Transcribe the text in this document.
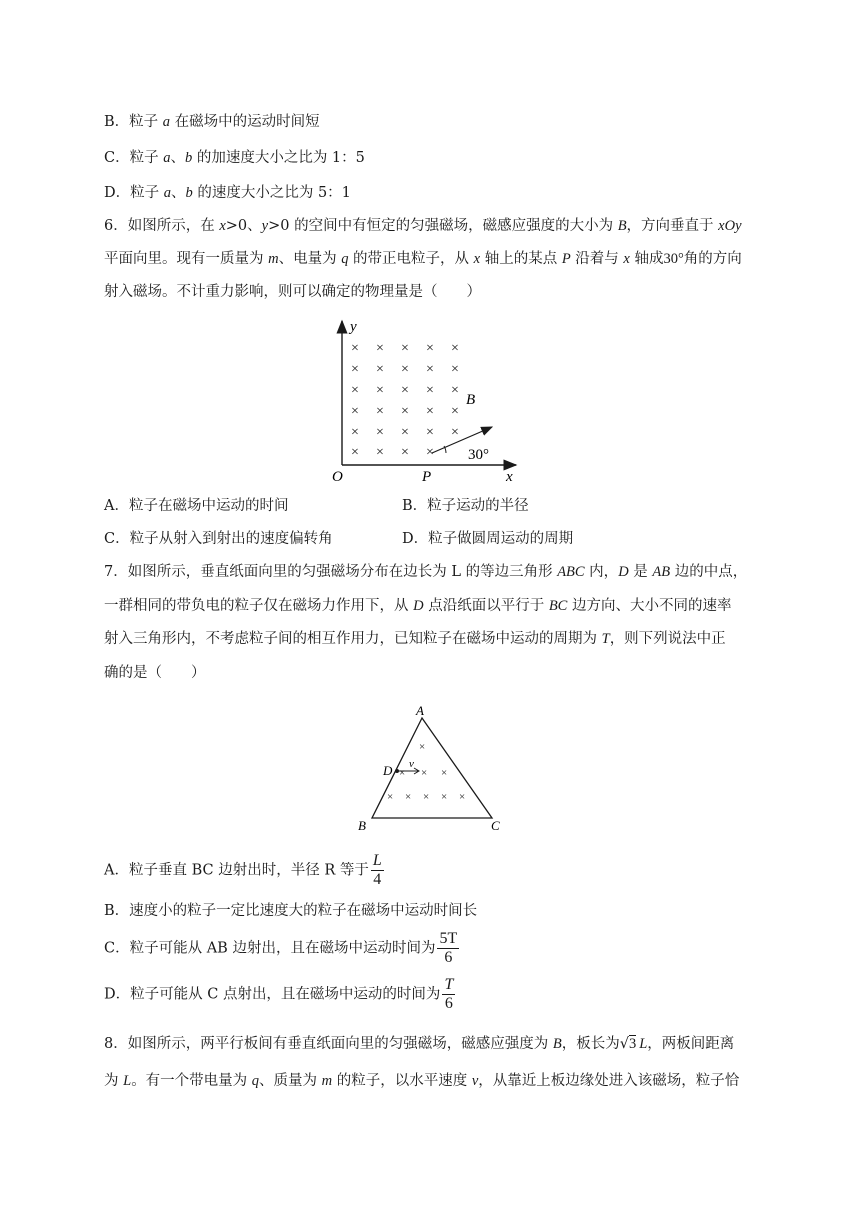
B．粒子 a 在磁场中的运动时间短
C．粒子 a、b 的加速度大小之比为 1：5
D．粒子 a、b 的速度大小之比为 5：1
6．如图所示，在 x>0、y>0 的空间中有恒定的匀强磁场，磁感应强度的大小为 B，方向垂直于 xOy
平面向里。现有一质量为 m、电量为 q 的带正电粒子，从 x 轴上的某点 P 沿着与 x 轴成30°角的方向
射入磁场。不计重力影响，则可以确定的物理量是（　　）
y
x
O	P
B
× × × × ×
× × × × ×
× × × × ×
× × × × ×
× × × × ×
× × × × 30°
A．粒子在磁场中运动的时间	B．粒子运动的半径
C．粒子从射入到射出的速度偏转角	D．粒子做圆周运动的周期
7．如图所示，垂直纸面向里的匀强磁场分布在边长为 L 的等边三角形 ABC 内，D 是 AB 边的中点，
一群相同的带负电的粒子仅在磁场力作用下，从 D 点沿纸面以平行于 BC 边方向、大小不同的速率
射入三角形内，不考虑粒子间的相互作用力，已知粒子在磁场中运动的周期为 T，则下列说法中正
确的是（　　）
A
B	C
D v
×
× × ×
× × × × ×
A．粒子垂直 BC 边射出时，半径 R 等于 $\frac{L}{4}$
B．速度小的粒子一定比速度大的粒子在磁场中运动时间长
C．粒子可能从 AB 边射出，且在磁场中运动时间为 $\frac{5T}{6}$
D．粒子可能从 C 点射出，且在磁场中运动的时间为 $\frac{T}{6}$
8．如图所示，两平行板间有垂直纸面向里的匀强磁场，磁感应强度为 B，板长为√3 L，两板间距离
为 L。有一个带电量为 q、质量为 m 的粒子，以水平速度 v，从靠近上板边缘处进入该磁场，粒子恰
